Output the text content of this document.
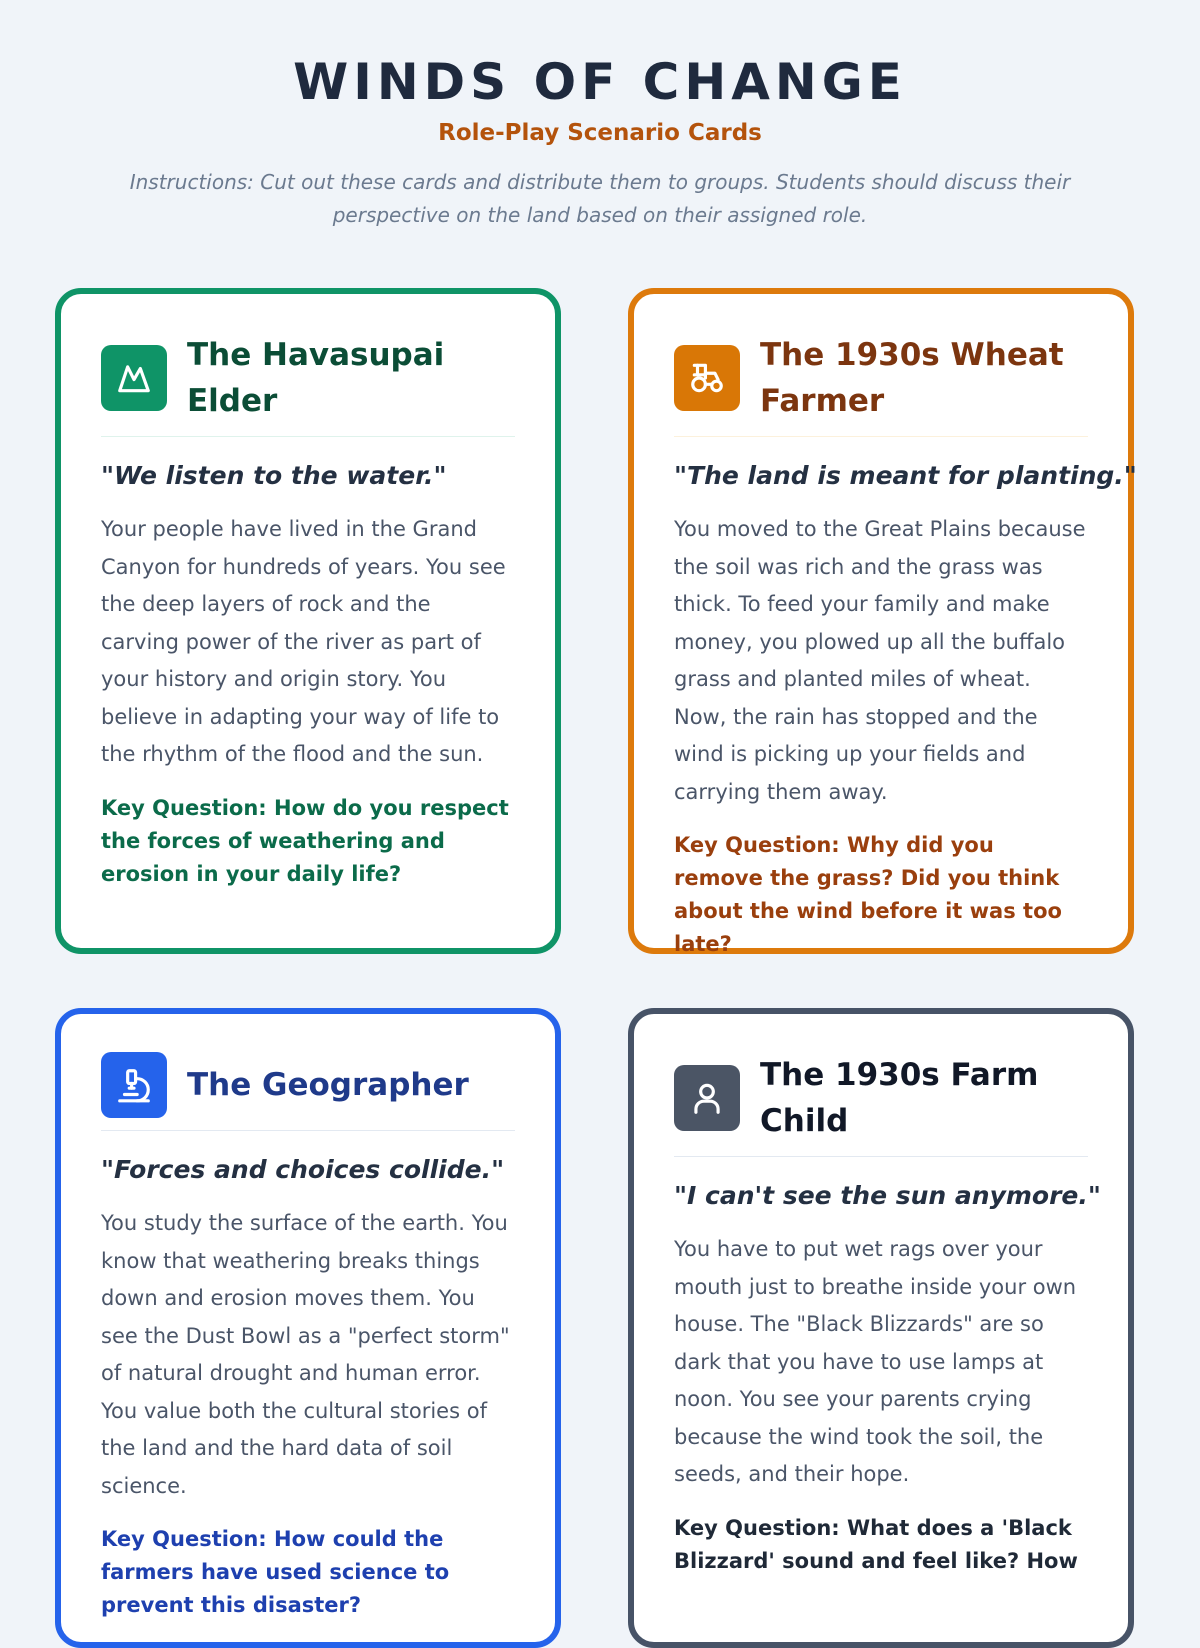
WINDS OF CHANGE
Role-Play Scenario Cards
Instructions: Cut out these cards and distribute them to groups. Students should discuss their perspective on the land based on their assigned role.
The Havasupai Elder
"We listen to the water."
Your people have lived in the Grand Canyon for hundreds of years. You see the deep layers of rock and the carving power of the river as part of your history and origin story. You believe in adapting your way of life to the rhythm of the flood and the sun.
Key Question: How do you respect the forces of weathering and erosion in your daily life?
The 1930s Wheat Farmer
"The land is meant for planting."
You moved to the Great Plains because the soil was rich and the grass was thick. To feed your family and make money, you plowed up all the buffalo grass and planted miles of wheat. Now, the rain has stopped and the wind is picking up your fields and carrying them away.
Key Question: Why did you remove the grass? Did you think about the wind before it was too late?
The Geographer
"Forces and choices collide."
You study the surface of the earth. You know that weathering breaks things down and erosion moves them. You see the Dust Bowl as a "perfect storm" of natural drought and human error. You value both the cultural stories of the land and the hard data of soil science.
Key Question: How could the farmers have used science to prevent this disaster?
The 1930s Farm Child
"I can't see the sun anymore."
You have to put wet rags over your mouth just to breathe inside your own house. The "Black Blizzards" are so dark that you have to use lamps at noon. You see your parents crying because the wind took the soil, the seeds, and their hope.
Key Question: What does a 'Black Blizzard' sound and feel like? How
